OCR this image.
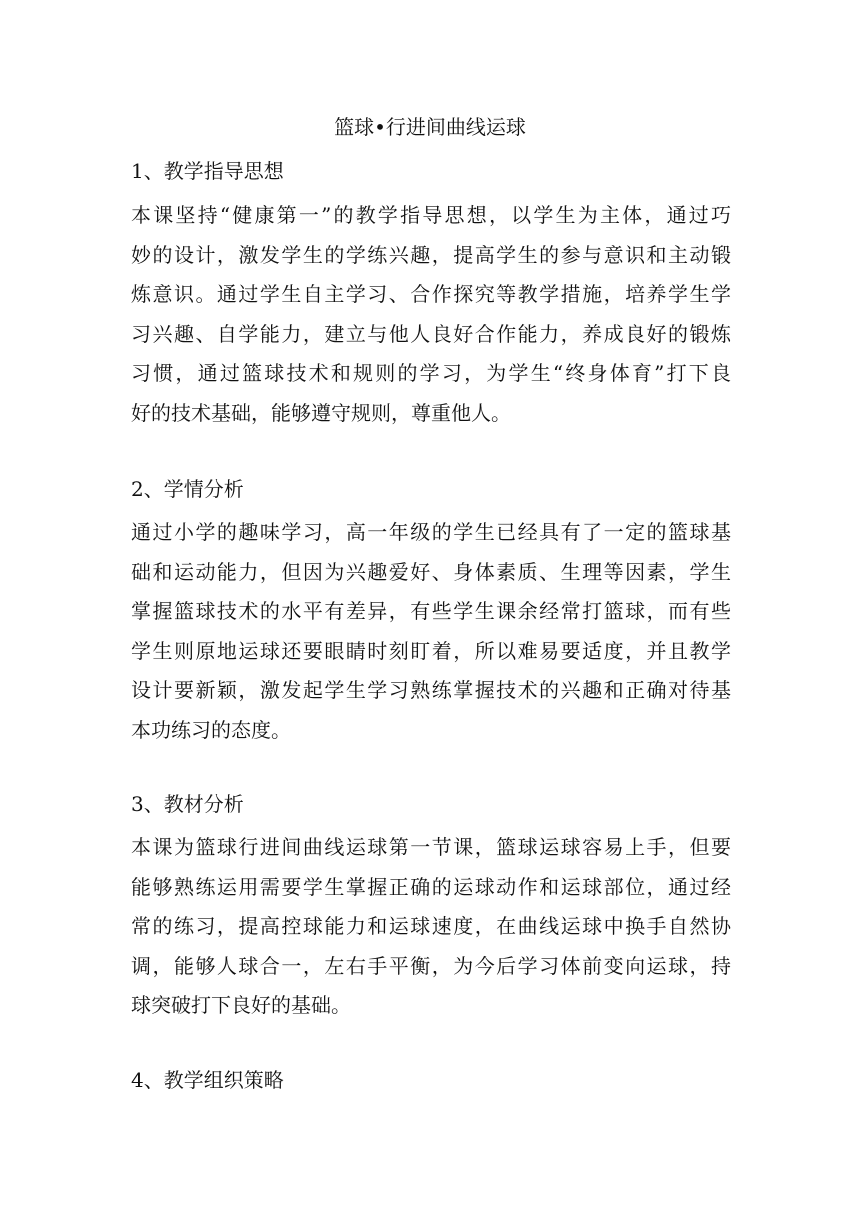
篮球•行进间曲线运球
1、教学指导思想
本课坚持“健康第一”的教学指导思想，以学生为主体，通过巧
妙的设计，激发学生的学练兴趣，提高学生的参与意识和主动锻
炼意识。通过学生自主学习、合作探究等教学措施，培养学生学
习兴趣、自学能力，建立与他人良好合作能力，养成良好的锻炼
习惯，通过篮球技术和规则的学习，为学生“终身体育”打下良
好的技术基础，能够遵守规则，尊重他人。
2、学情分析
通过小学的趣味学习，高一年级的学生已经具有了一定的篮球基
础和运动能力，但因为兴趣爱好、身体素质、生理等因素，学生
掌握篮球技术的水平有差异，有些学生课余经常打篮球，而有些
学生则原地运球还要眼睛时刻盯着，所以难易要适度，并且教学
设计要新颖，激发起学生学习熟练掌握技术的兴趣和正确对待基
本功练习的态度。
3、教材分析
本课为篮球行进间曲线运球第一节课，篮球运球容易上手，但要
能够熟练运用需要学生掌握正确的运球动作和运球部位，通过经
常的练习，提高控球能力和运球速度，在曲线运球中换手自然协
调，能够人球合一，左右手平衡，为今后学习体前变向运球，持
球突破打下良好的基础。
4、教学组织策略
